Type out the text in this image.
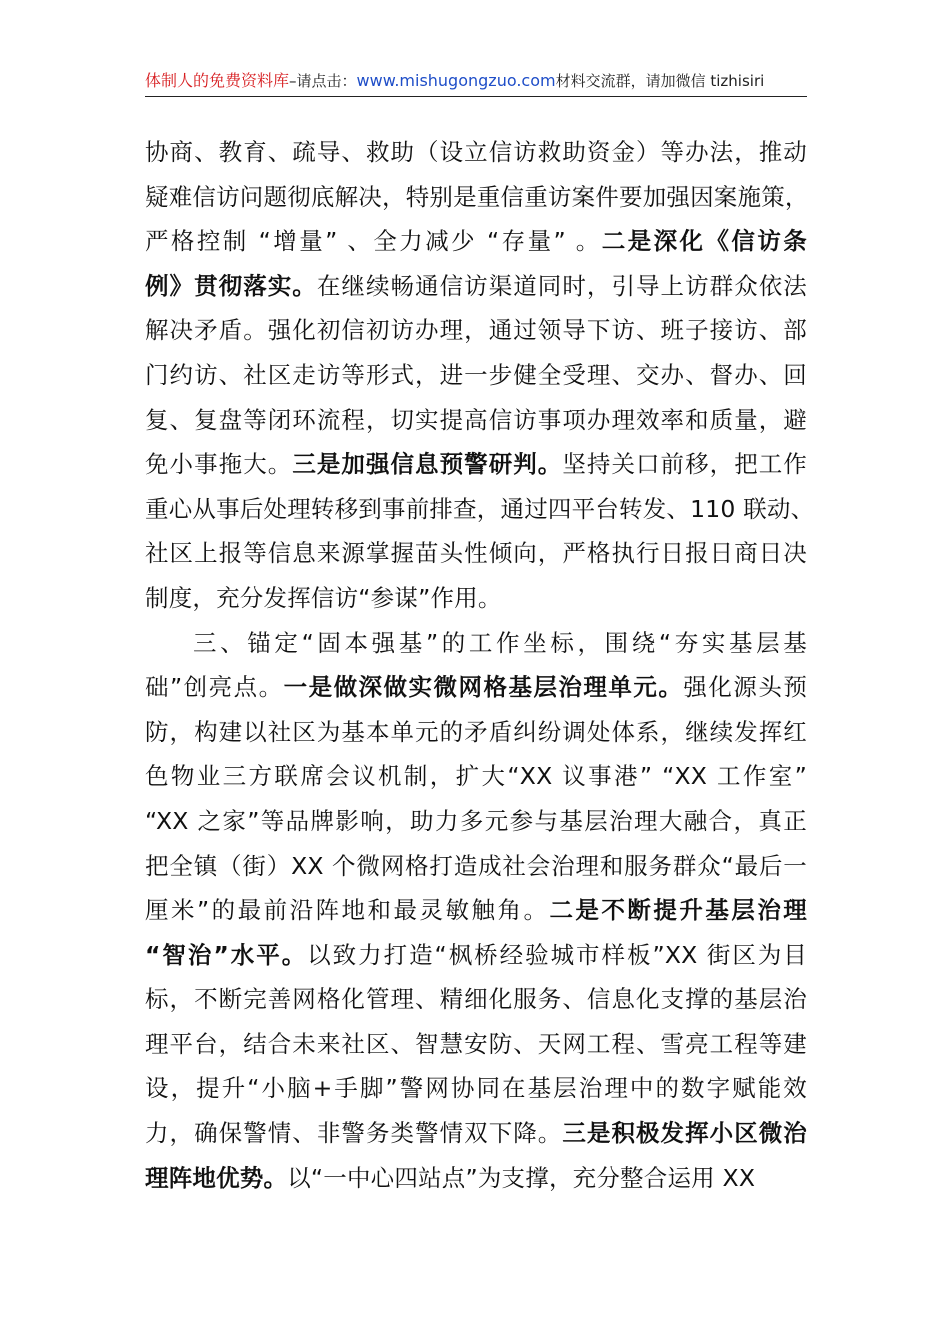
体制人的免费资料库–请点击：www.mishugongzuo.com材料交流群，请加微信 tizhisiri
协商、教育、疏导、救助（设立信访救助资金）等办法，推动
疑难信访问题彻底解决，特别是重信重访案件要加强因案施策，
严格控制 “增量” 、全力减少 “存量” 。二是深化《信访条
例》贯彻落实。在继续畅通信访渠道同时，引导上访群众依法
解决矛盾。强化初信初访办理，通过领导下访、班子接访、部
门约访、社区走访等形式，进一步健全受理、交办、督办、回
复、复盘等闭环流程，切实提高信访事项办理效率和质量，避
免小事拖大。三是加强信息预警研判。坚持关口前移，把工作
重心从事后处理转移到事前排查，通过四平台转发、110 联动、
社区上报等信息来源掌握苗头性倾向，严格执行日报日商日决
制度，充分发挥信访“参谋”作用。
三、锚定“固本强基”的工作坐标，围绕“夯实基层基
础”创亮点。一是做深做实微网格基层治理单元。强化源头预
防，构建以社区为基本单元的矛盾纠纷调处体系，继续发挥红
色物业三方联席会议机制，扩大“XX 议事港” “XX 工作室”
“XX 之家”等品牌影响，助力多元参与基层治理大融合，真正
把全镇（街）XX 个微网格打造成社会治理和服务群众“最后一
厘米”的最前沿阵地和最灵敏触角。二是不断提升基层治理
“智治”水平。以致力打造“枫桥经验城市样板”XX 街区为目
标，不断完善网格化管理、精细化服务、信息化支撑的基层治
理平台，结合未来社区、智慧安防、天网工程、雪亮工程等建
设，提升“小脑+手脚”警网协同在基层治理中的数字赋能效
力，确保警情、非警务类警情双下降。三是积极发挥小区微治
理阵地优势。以“一中心四站点”为支撑，充分整合运用 XX
